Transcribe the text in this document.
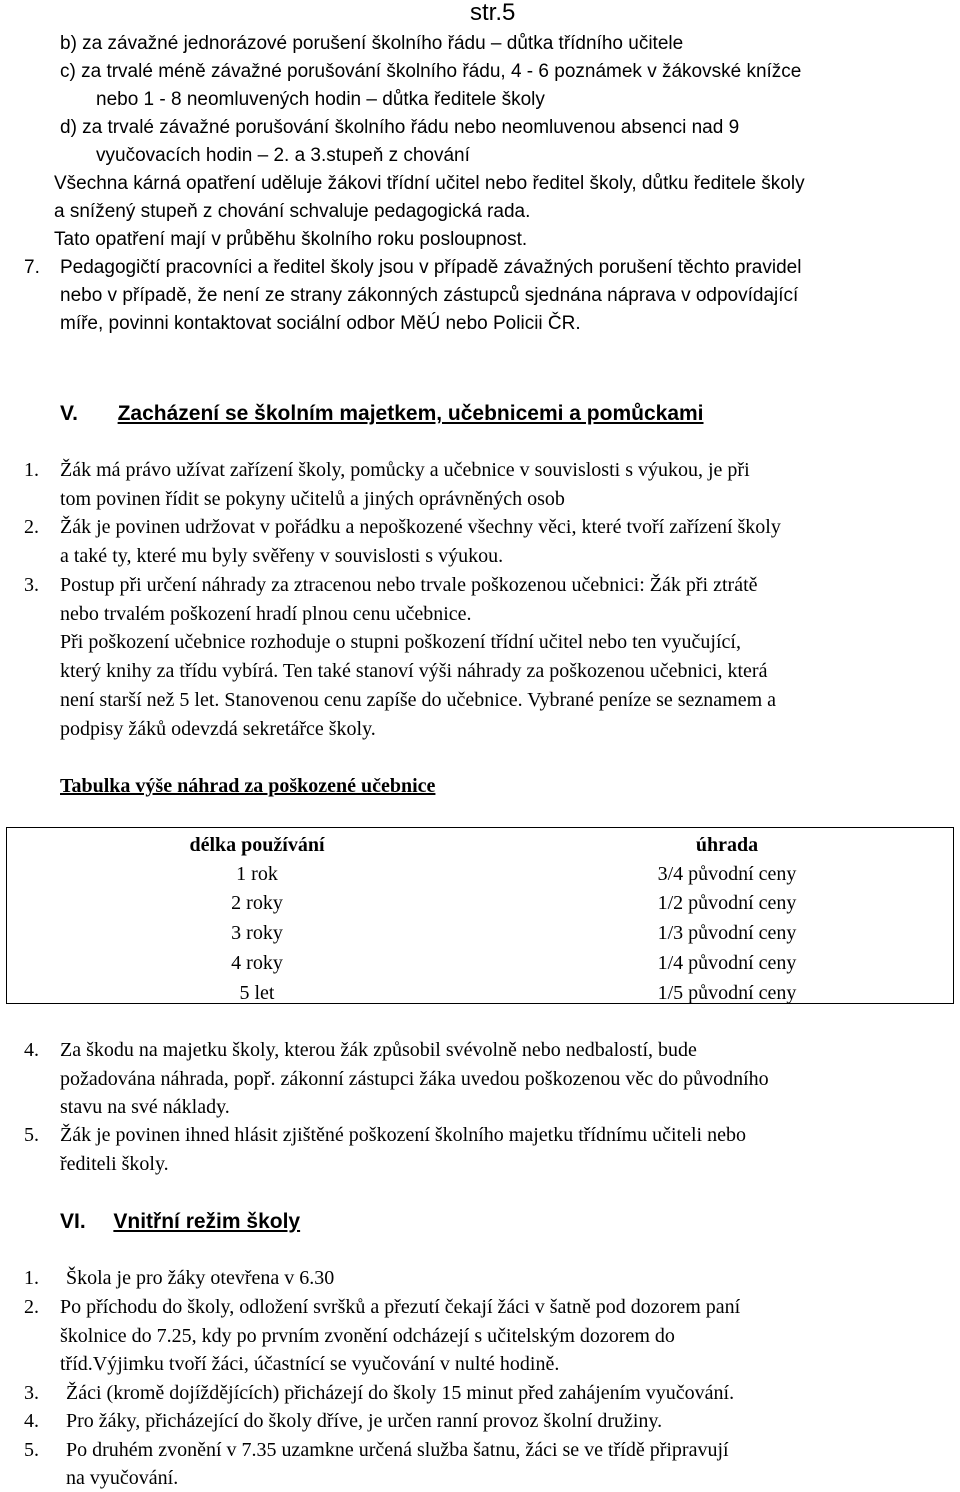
str.5
b) za závažné jednorázové porušení školního řádu – důtka třídního učitele
c) za trvalé méně závažné porušování školního řádu, 4 - 6 poznámek v žákovské knížce
nebo 1 - 8 neomluvených hodin – důtka ředitele školy
d) za trvalé závažné porušování školního řádu nebo neomluvenou absenci nad 9
vyučovacích hodin – 2. a 3.stupeň z chování
Všechna kárná opatření uděluje žákovi třídní učitel nebo ředitel školy, důtku ředitele školy
a snížený stupeň z chování schvaluje pedagogická rada.
Tato opatření mají v průběhu školního roku posloupnost.
7. Pedagogičtí pracovníci a ředitel školy jsou v případě závažných porušení těchto pravidel
nebo v případě, že není ze strany zákonných zástupců sjednána náprava v odpovídající
míře, povinni kontaktovat sociální odbor MěÚ nebo Policii ČR.
V. Zacházení se školním majetkem, učebnicemi a pomůckami
1. Žák má právo užívat zařízení školy, pomůcky a učebnice v souvislosti s výukou, je při
tom povinen řídit se pokyny učitelů a jiných oprávněných osob
2. Žák je povinen udržovat v pořádku a nepoškozené všechny věci, které tvoří zařízení školy
a také ty, které mu byly svěřeny v souvislosti s výukou.
3. Postup při určení náhrady za ztracenou nebo trvale poškozenou učebnici: Žák při ztrátě
nebo trvalém poškození hradí plnou cenu učebnice.
Při poškození učebnice rozhoduje o stupni poškození třídní učitel nebo ten vyučující,
který knihy za třídu vybírá. Ten také stanoví výši náhrady za poškozenou učebnici, která
není starší než 5 let. Stanovenou cenu zapíše do učebnice. Vybrané peníze se seznamem a
podpisy žáků odevzdá sekretářce školy.
Tabulka výše náhrad za poškozené učebnice
délka používání	úhrada
1 rok	3/4 původní ceny
2 roky	1/2 původní ceny
3 roky	1/3 původní ceny
4 roky	1/4 původní ceny
5 let	1/5 původní ceny
4. Za škodu na majetku školy, kterou žák způsobil svévolně nebo nedbalostí, bude
požadována náhrada, popř. zákonní zástupci žáka uvedou poškozenou věc do původního
stavu na své náklady.
5. Žák je povinen ihned hlásit zjištěné poškození školního majetku třídnímu učiteli nebo
řediteli školy.
VI. Vnitřní režim školy
1. Škola je pro žáky otevřena v 6.30
2. Po příchodu do školy, odložení svršků a přezutí čekají žáci v šatně pod dozorem paní
školnice do 7.25, kdy po prvním zvonění odcházejí s učitelským dozorem do
tříd.Výjimku tvoří žáci, účastnící se vyučování v nulté hodině.
3. Žáci (kromě dojíždějících) přicházejí do školy 15 minut před zahájením vyučování.
4. Pro žáky, přicházející do školy dříve, je určen ranní provoz školní družiny.
5. Po druhém zvonění v 7.35 uzamkne určená služba šatnu, žáci se ve třídě připravují
na vyučování.
